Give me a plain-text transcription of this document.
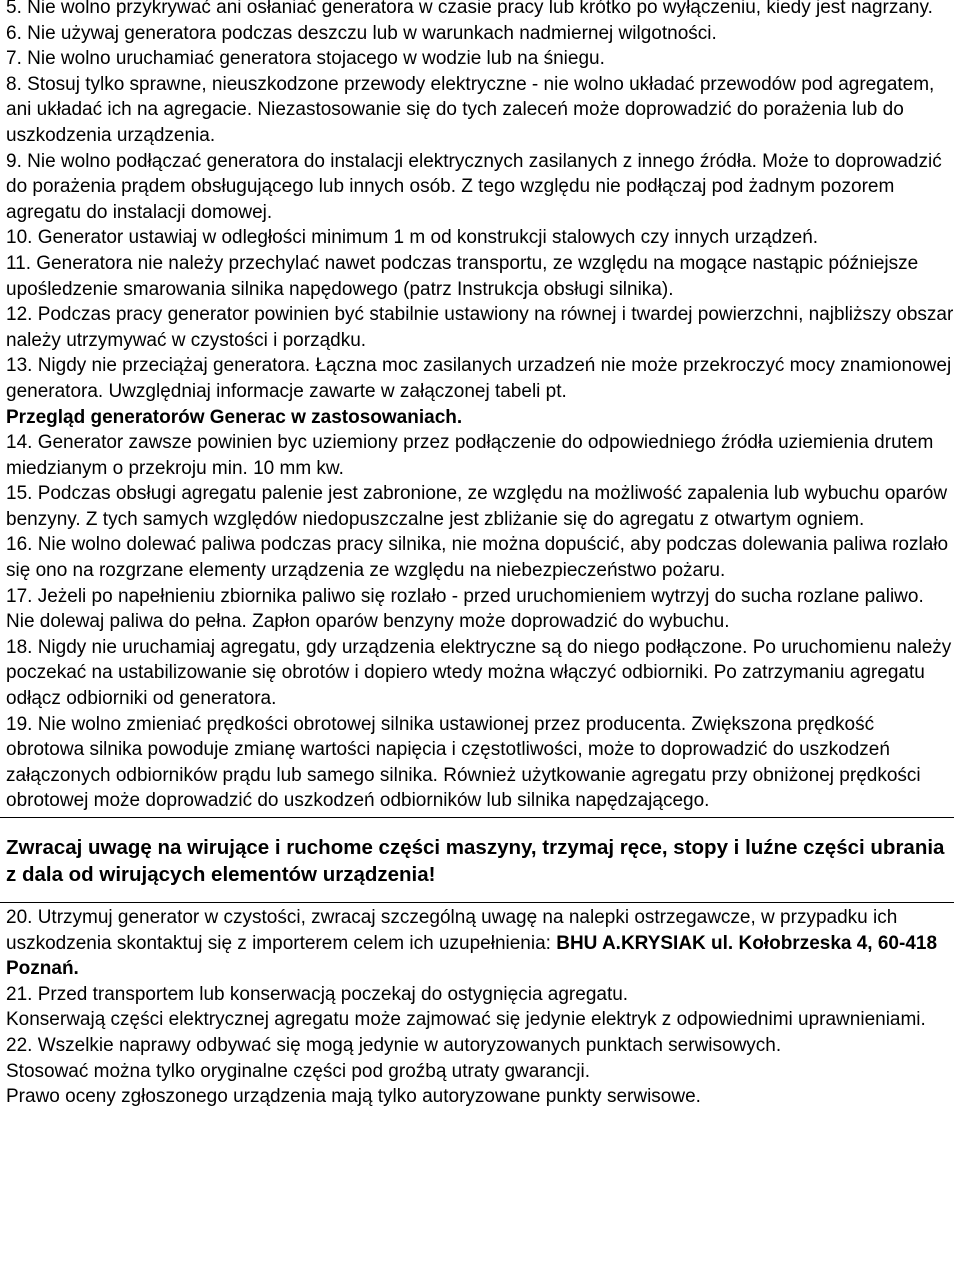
5. Nie wolno przykrywać ani osłaniać generatora w czasie pracy lub krótko po wyłączeniu, kiedy jest nagrzany.

6. Nie używaj generatora podczas deszczu lub w warunkach nadmiernej wilgotności.

7. Nie wolno uruchamiać generatora stojacego w wodzie lub na śniegu.

8. Stosuj tylko sprawne, nieuszkodzone przewody elektryczne - nie wolno układać przewodów pod agregatem, ani układać ich na agregacie. Niezastosowanie się do tych zaleceń może doprowadzić do porażenia lub do uszkodzenia urządzenia.

9. Nie wolno podłączać generatora do instalacji elektrycznych zasilanych z innego źródła. Może to doprowadzić do porażenia prądem obsługującego lub innych osób. Z tego względu nie podłączaj pod żadnym pozorem agregatu do instalacji domowej.

10. Generator ustawiaj w odległości minimum 1 m od konstrukcji stalowych czy innych urządzeń.

11. Generatora nie należy przechylać nawet podczas transportu, ze względu na mogące nastąpic późniejsze upośledzenie smarowania silnika napędowego (patrz Instrukcja obsługi silnika).

12. Podczas pracy generator powinien być stabilnie ustawiony na równej i twardej powierzchni, najbliższy obszar należy utrzymywać w czystości i porządku.

13. Nigdy nie przeciążaj generatora. Łączna moc zasilanych urzadzeń nie może przekroczyć mocy znamionowej generatora. Uwzględniaj informacje zawarte w załączonej tabeli pt.

Przegląd generatorów Generac w zastosowaniach.

14. Generator zawsze powinien byc uziemiony przez podłączenie do odpowiedniego źródła uziemienia drutem miedzianym o przekroju min. 10 mm kw.

15. Podczas obsługi agregatu palenie jest zabronione, ze względu na możliwość zapalenia lub wybuchu oparów benzyny. Z tych samych względów niedopuszczalne jest zbliżanie się do agregatu z otwartym ogniem.

16. Nie wolno dolewać paliwa podczas pracy silnika, nie można dopuścić, aby podczas dolewania paliwa rozlało się ono na rozgrzane elementy urządzenia ze względu na niebezpieczeństwo pożaru.

17. Jeżeli po napełnieniu zbiornika paliwo się rozlało - przed uruchomieniem wytrzyj do sucha rozlane paliwo. Nie dolewaj paliwa do pełna. Zapłon oparów benzyny może doprowadzić do wybuchu.

18. Nigdy nie uruchamiaj agregatu, gdy urządzenia elektryczne są do niego podłączone. Po uruchomienu należy poczekać na ustabilizowanie się obrotów i dopiero wtedy można włączyć odbiorniki. Po zatrzymaniu agregatu odłącz odbiorniki od generatora.

19. Nie wolno zmieniać prędkości obrotowej silnika ustawionej przez producenta. Zwiększona prędkość obrotowa silnika powoduje zmianę wartości napięcia i częstotliwości, może to doprowadzić do uszkodzeń załączonych odbiorników prądu lub samego silnika. Również użytkowanie agregatu przy obniżonej prędkości obrotowej może doprowadzić do uszkodzeń odbiorników lub silnika napędzającego.

Zwracaj uwagę na wirujące i ruchome części maszyny, trzymaj ręce, stopy i luźne części ubrania z dala od wirujących elementów urządzenia!

20. Utrzymuj generator w czystości, zwracaj szczególną uwagę na nalepki ostrzegawcze, w przypadku ich uszkodzenia skontaktuj się z importerem celem ich uzupełnienia: BHU A.KRYSIAK ul. Kołobrzeska 4, 60-418 Poznań.

21. Przed transportem lub konserwacją poczekaj do ostygnięcia agregatu.

Konserwają części elektrycznej agregatu może zajmować się jedynie elektryk z odpowiednimi uprawnieniami.

22. Wszelkie naprawy odbywać się mogą jedynie w autoryzowanych punktach serwisowych.

Stosować można tylko oryginalne części pod groźbą utraty gwarancji.

Prawo oceny zgłoszonego urządzenia mają tylko autoryzowane punkty serwisowe.
